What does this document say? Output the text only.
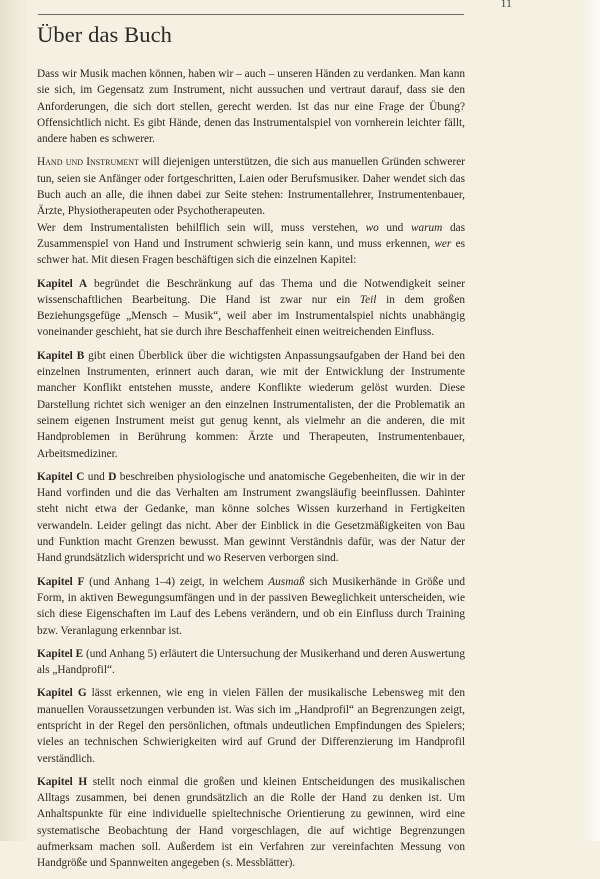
11
Über das Buch

Dass wir Musik machen können, haben wir – auch – unseren Händen zu verdanken. Man kann sie sich, im Gegensatz zum Instrument, nicht aussuchen und vertraut darauf, dass sie den Anforderungen, die sich dort stellen, gerecht werden. Ist das nur eine Frage der Übung? Offensichtlich nicht. Es gibt Hände, denen das Instrumentalspiel von vornherein leichter fällt, andere haben es schwerer.

Hand und Instrument will diejenigen unterstützen, die sich aus manuellen Gründen schwerer tun, seien sie Anfänger oder fortgeschritten, Laien oder Berufsmusiker. Daher wendet sich das Buch auch an alle, die ihnen dabei zur Seite stehen: Instrumentallehrer, Instrumentenbauer, Ärzte, Physiotherapeuten oder Psychotherapeuten.

Wer dem Instrumentalisten behilflich sein will, muss verstehen, wo und warum das Zusammenspiel von Hand und Instrument schwierig sein kann, und muss erkennen, wer es schwer hat. Mit diesen Fragen beschäftigen sich die einzelnen Kapitel:

Kapitel A begründet die Beschränkung auf das Thema und die Notwendigkeit seiner wissenschaftlichen Bearbeitung. Die Hand ist zwar nur ein Teil in dem großen Beziehungsgefüge „Mensch – Musik“, weil aber im Instrumentalspiel nichts unabhängig voneinander geschieht, hat sie durch ihre Beschaffenheit einen weitreichenden Einfluss.

Kapitel B gibt einen Überblick über die wichtigsten Anpassungsaufgaben der Hand bei den einzelnen Instrumenten, erinnert auch daran, wie mit der Entwicklung der Instrumente mancher Konflikt entstehen musste, andere Konflikte wiederum gelöst wurden. Diese Darstellung richtet sich weniger an den einzelnen Instrumentalisten, der die Problematik an seinem eigenen Instrument meist gut genug kennt, als vielmehr an die anderen, die mit Handproblemen in Berührung kommen: Ärzte und Therapeuten, Instrumentenbauer, Arbeitsmediziner.

Kapitel C und D beschreiben physiologische und anatomische Gegebenheiten, die wir in der Hand vorfinden und die das Verhalten am Instrument zwangsläufig beeinflussen. Dahinter steht nicht etwa der Gedanke, man könne solches Wissen kurzerhand in Fertigkeiten verwandeln. Leider gelingt das nicht. Aber der Einblick in die Gesetzmäßigkeiten von Bau und Funktion macht Grenzen bewusst. Man gewinnt Verständnis dafür, was der Natur der Hand grundsätzlich widerspricht und wo Reserven verborgen sind.

Kapitel F (und Anhang 1–4) zeigt, in welchem Ausmaß sich Musikerhände in Größe und Form, in aktiven Bewegungsumfängen und in der passiven Beweglichkeit unterscheiden, wie sich diese Eigenschaften im Lauf des Lebens verändern, und ob ein Einfluss durch Training bzw. Veranlagung erkennbar ist.

Kapitel E (und Anhang 5) erläutert die Untersuchung der Musikerhand und deren Auswertung als „Handprofil“.

Kapitel G lässt erkennen, wie eng in vielen Fällen der musikalische Lebensweg mit den manuellen Voraussetzungen verbunden ist. Was sich im „Handprofil“ an Begrenzungen zeigt, entspricht in der Regel den persönlichen, oftmals undeutlichen Empfindungen des Spielers; vieles an technischen Schwierigkeiten wird auf Grund der Differenzierung im Handprofil verständlich.

Kapitel H stellt noch einmal die großen und kleinen Entscheidungen des musikalischen Alltags zusammen, bei denen grundsätzlich an die Rolle der Hand zu denken ist. Um Anhaltspunkte für eine individuelle spieltechnische Orientierung zu gewinnen, wird eine systematische Beobachtung der Hand vorgeschlagen, die auf wichtige Begrenzungen aufmerksam machen soll. Außerdem ist ein Verfahren zur vereinfachten Messung von Handgröße und Spannweiten angegeben (s. Messblätter).
